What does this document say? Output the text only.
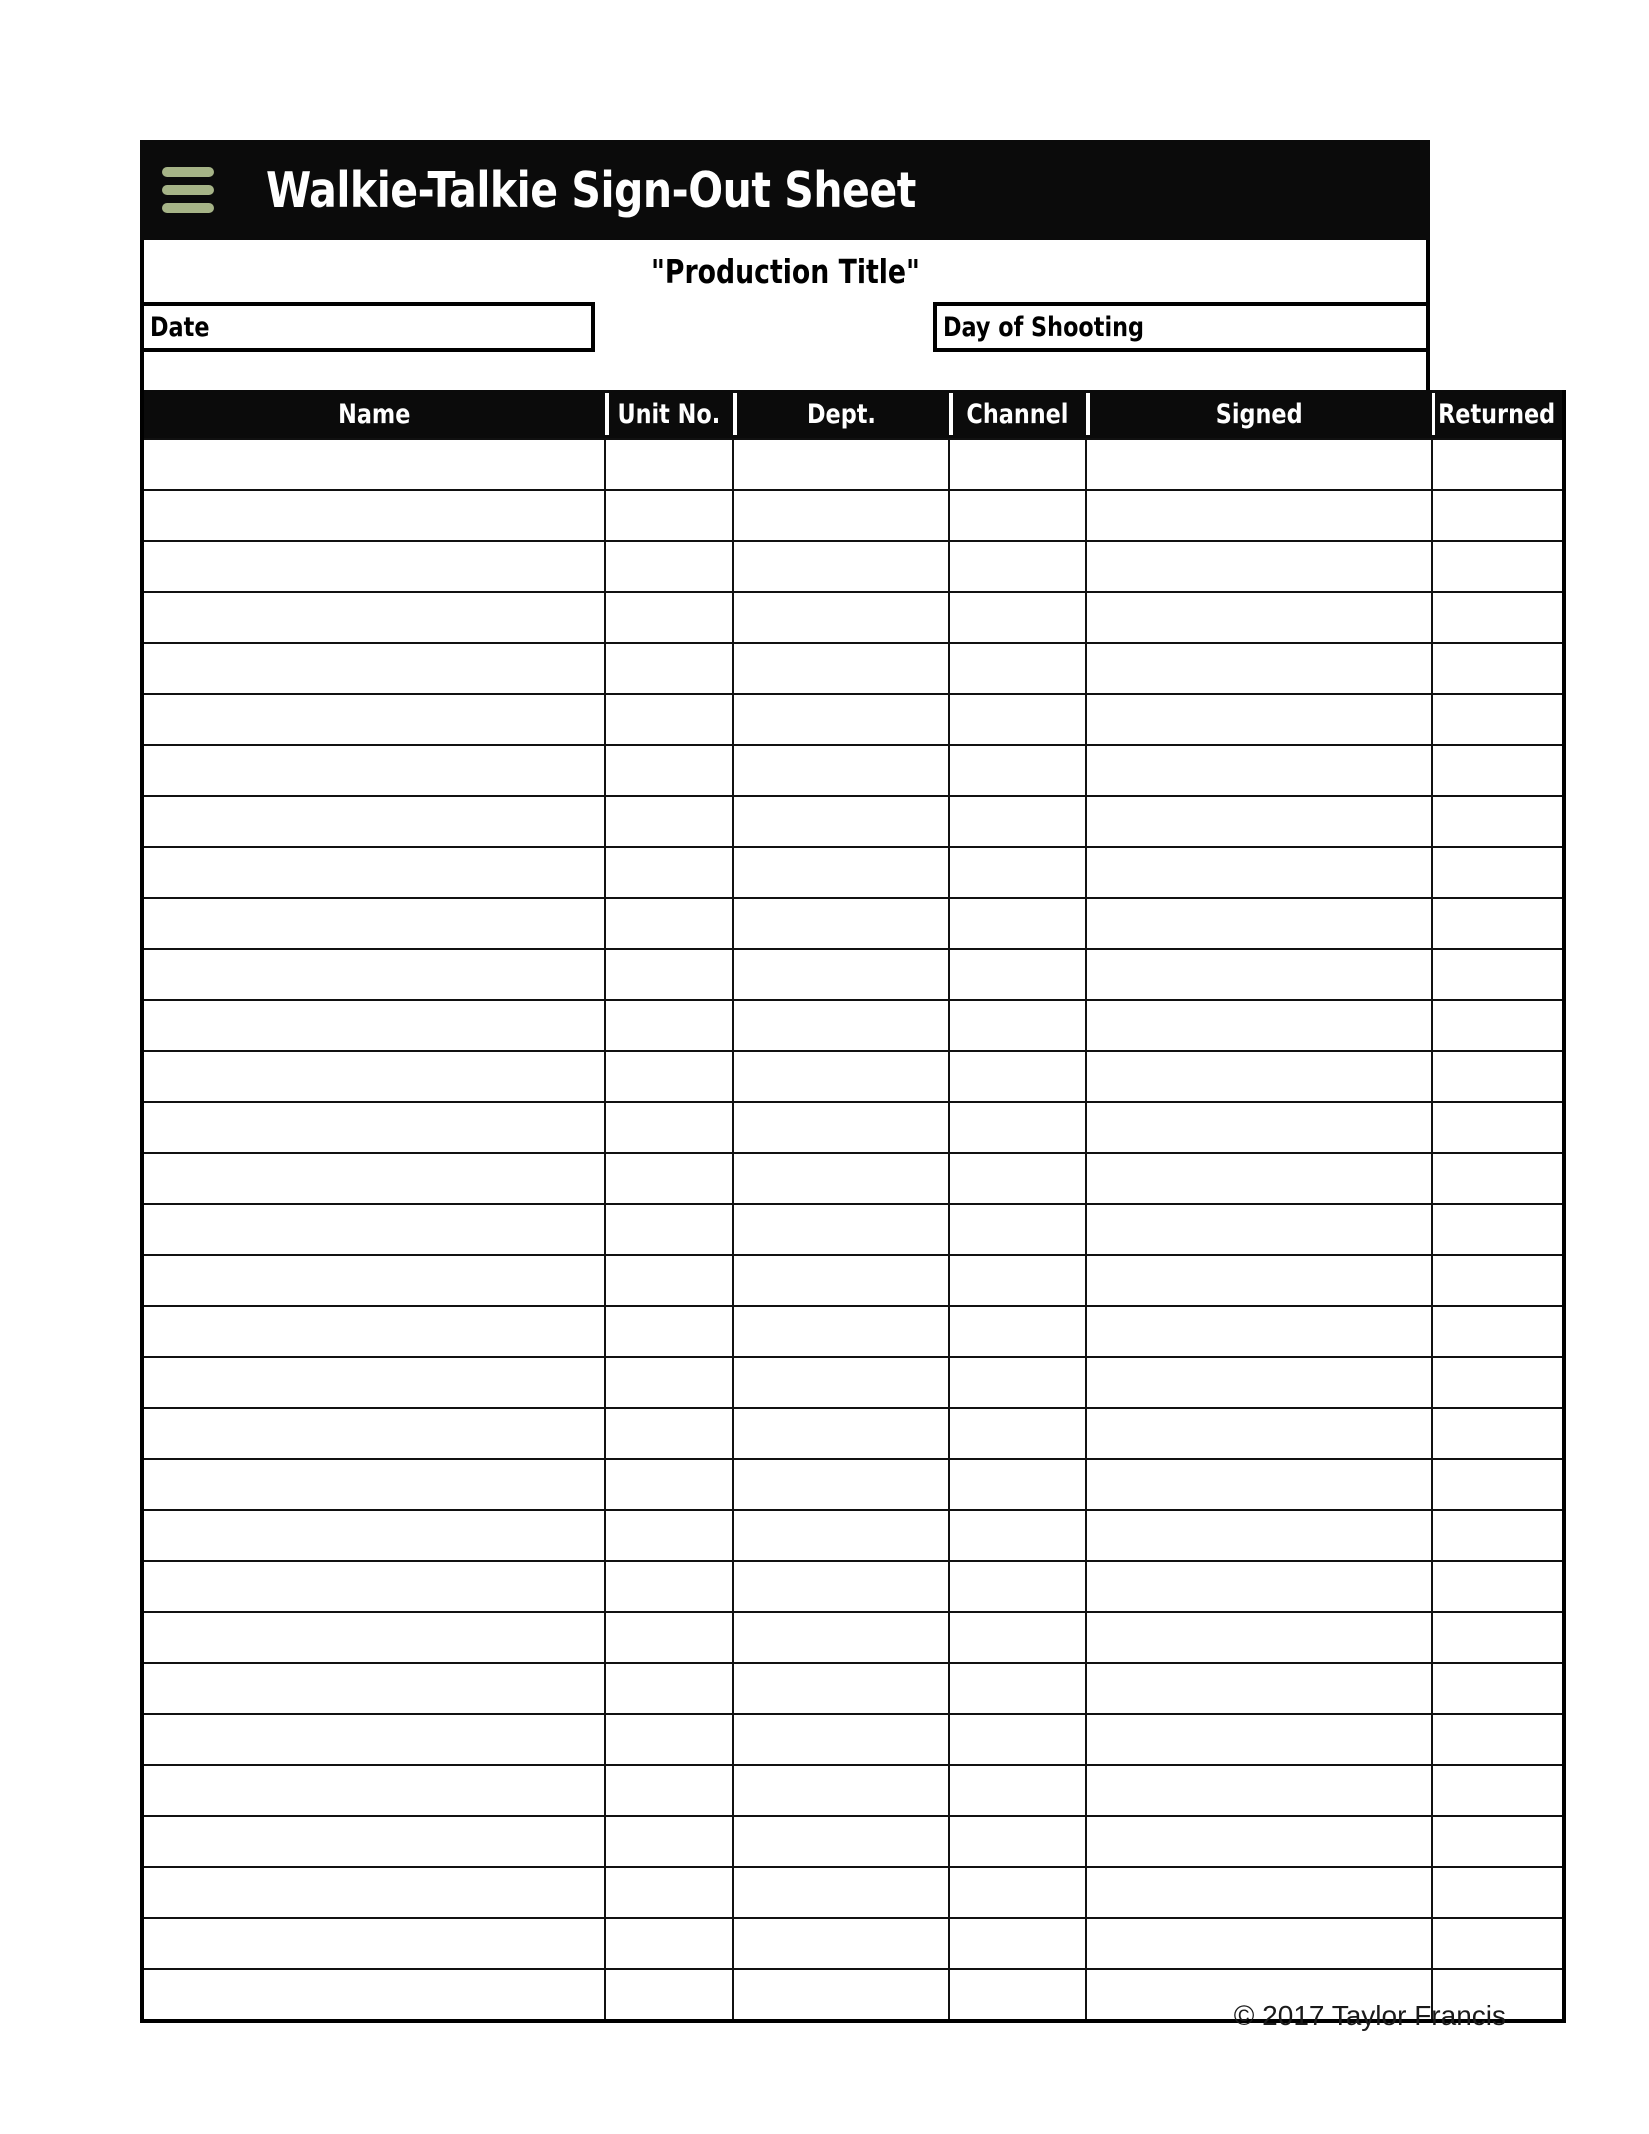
Walkie-Talkie Sign-Out Sheet
"Production Title"
Date	Day of Shooting
Name	Unit No.	Dept.	Channel	Signed	Returned

© 2017 Taylor Francis
